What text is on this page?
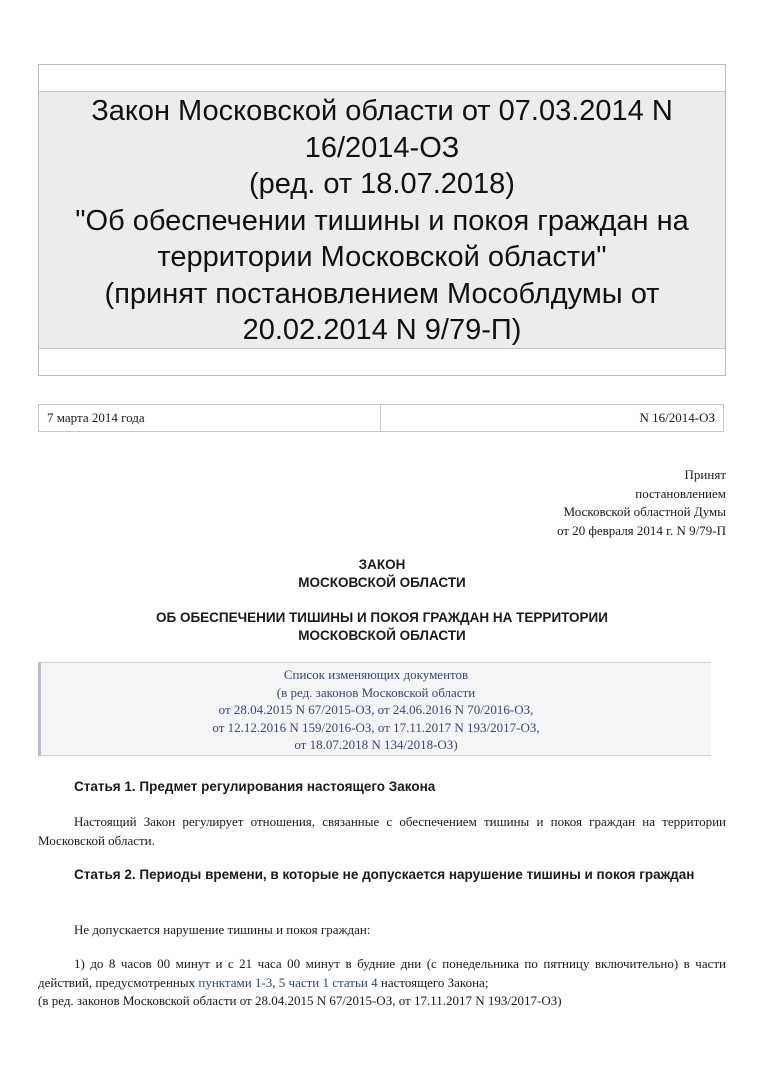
Закон Московской области от 07.03.2014 N
16/2014-ОЗ
(ред. от 18.07.2018)
"Об обеспечении тишины и покоя граждан на
территории Московской области"
(принят постановлением Мособлдумы от
20.02.2014 N 9/79-П)
7 марта 2014 года	N 16/2014-ОЗ
Принят
постановлением
Московской областной Думы
от 20 февраля 2014 г. N 9/79-П
ЗАКОН
МОСКОВСКОЙ ОБЛАСТИ
ОБ ОБЕСПЕЧЕНИИ ТИШИНЫ И ПОКОЯ ГРАЖДАН НА ТЕРРИТОРИИ
МОСКОВСКОЙ ОБЛАСТИ
Список изменяющих документов
(в ред. законов Московской области
от 28.04.2015 N 67/2015-ОЗ, от 24.06.2016 N 70/2016-ОЗ,
от 12.12.2016 N 159/2016-ОЗ, от 17.11.2017 N 193/2017-ОЗ,
от 18.07.2018 N 134/2018-ОЗ)
Статья 1. Предмет регулирования настоящего Закона
Настоящий Закон регулирует отношения, связанные с обеспечением тишины и покоя граждан на территории Московской области.
Статья 2. Периоды времени, в которые не допускается нарушение тишины и покоя граждан
Не допускается нарушение тишины и покоя граждан:
1) до 8 часов 00 минут и с 21 часа 00 минут в будние дни (с понедельника по пятницу включительно) в части действий, предусмотренных пунктами 1-3, 5 части 1 статьи 4 настоящего Закона;
(в ред. законов Московской области от 28.04.2015 N 67/2015-ОЗ, от 17.11.2017 N 193/2017-ОЗ)
